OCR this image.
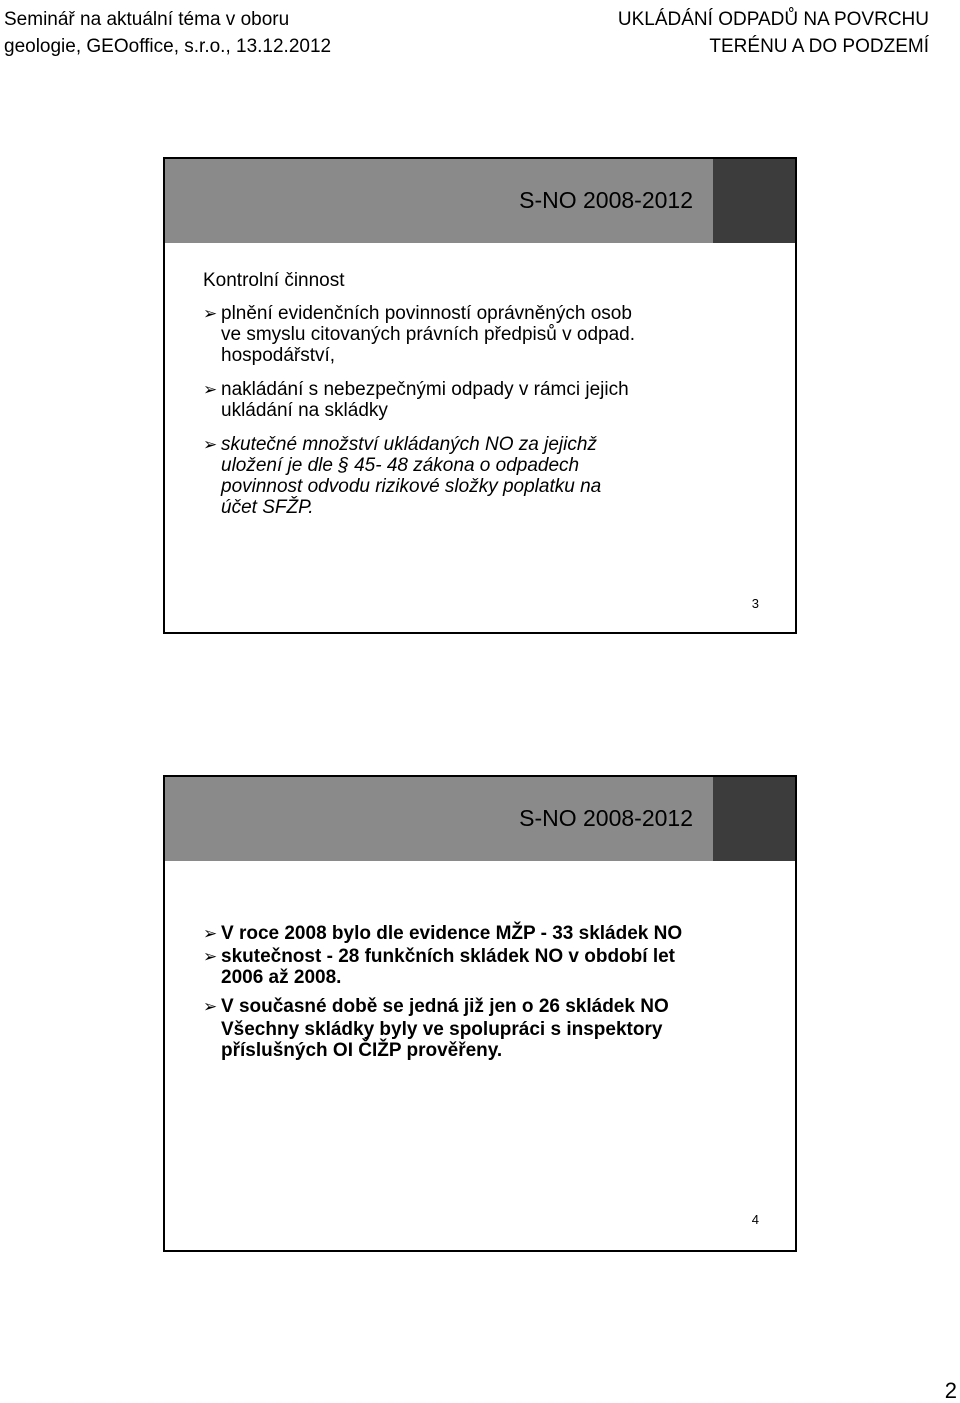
Seminář na aktuální téma v oboru
geologie, GEOoffice, s.r.o., 13.12.2012
UKLÁDÁNÍ ODPADŮ NA POVRCHU
TERÉNU A DO PODZEMÍ
S-NO 2008-2012
Kontrolní činnost
➢ plnění evidenčních povinností oprávněných osob
ve smyslu citovaných právních předpisů v odpad.
hospodářství,
➢ nakládání s nebezpečnými odpady v rámci jejich
ukládání na skládky
➢ skutečné množství ukládaných NO za jejichž
uložení je dle § 45- 48 zákona o odpadech
povinnost odvodu rizikové složky poplatku na
účet SFŽP.
3
S-NO 2008-2012
➢ V roce 2008 bylo dle evidence MŽP - 33 skládek NO
➢ skutečnost - 28 funkčních skládek NO v období let
2006 až 2008.
➢ V současné době se jedná již jen o 26 skládek NO
Všechny skládky byly ve spolupráci s inspektory
příslušných OI ČIŽP prověřeny.
4
2
